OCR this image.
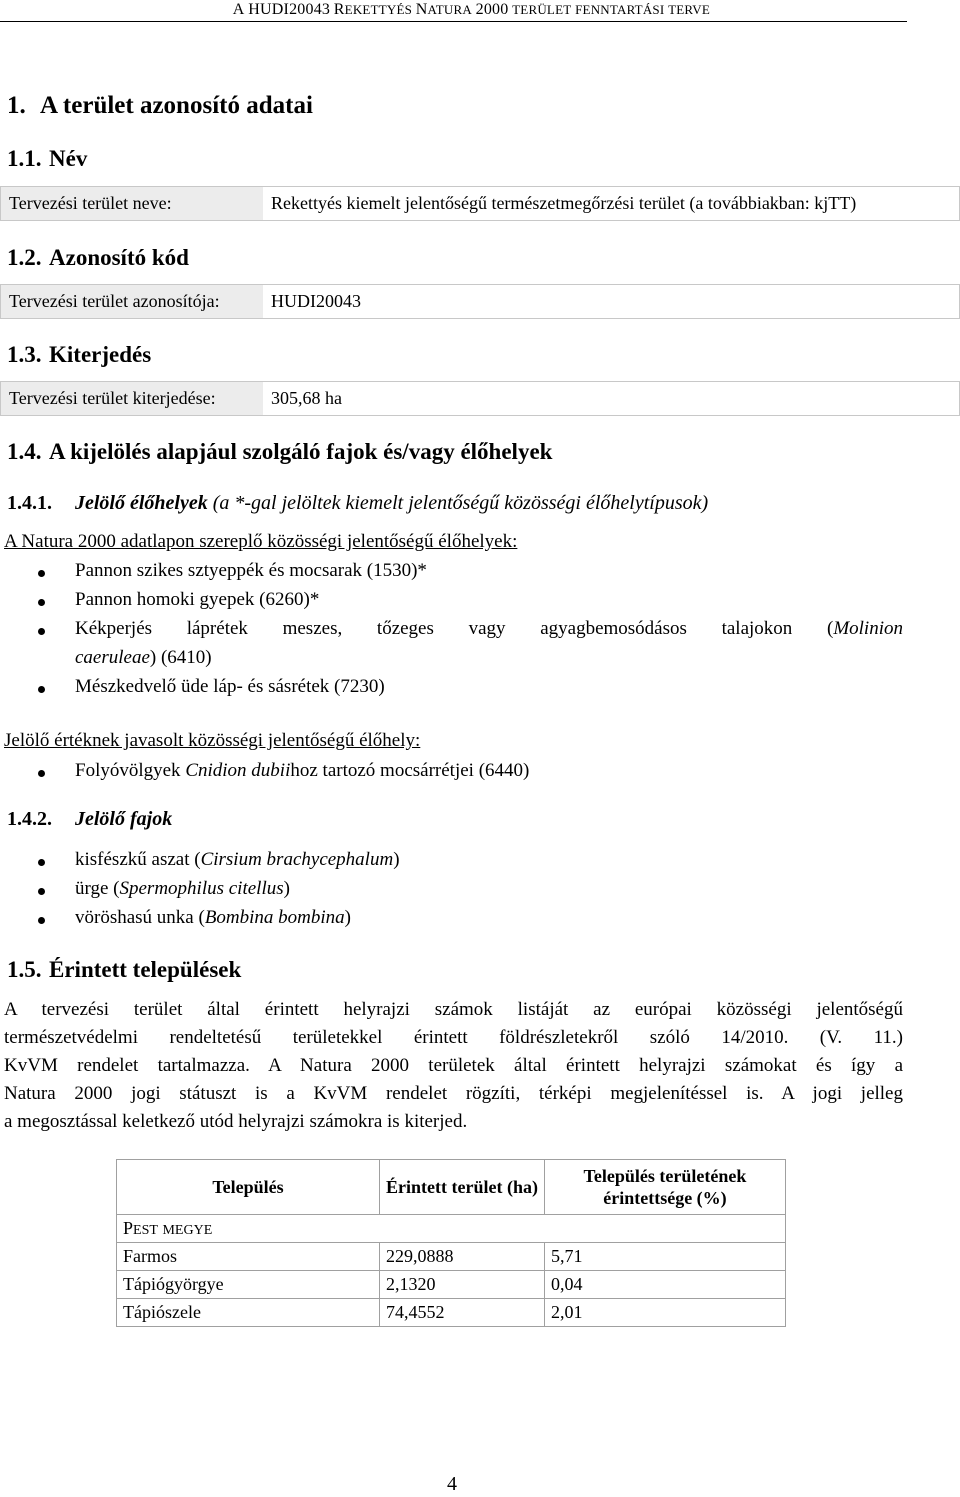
A HUDI20043 REKETTYÉS NATURA 2000 TERÜLET FENNTARTÁSI TERVE
1. A terület azonosító adatai
1.1. Név
Tervezési terület neve:	Rekettyés kiemelt jelentőségű természetmegőrzési terület (a továbbiakban: kjTT)
1.2. Azonosító kód
Tervezési terület azonosítója:	HUDI20043
1.3. Kiterjedés
Tervezési terület kiterjedése:	305,68 ha
1.4. A kijelölés alapjául szolgáló fajok és/vagy élőhelyek
1.4.1. Jelölő élőhelyek (a *-gal jelöltek kiemelt jelentőségű közösségi élőhelytípusok)
A Natura 2000 adatlapon szereplő közösségi jelentőségű élőhelyek:
Pannon szikes sztyeppék és mocsarak (1530)*
Pannon homoki gyepek (6260)*
Kékperjés láprétek meszes, tőzeges vagy agyagbemosódásos talajokon (Molinion
caeruleae) (6410)
Mészkedvelő üde láp- és sásrétek (7230)
Jelölő értéknek javasolt közösségi jelentőségű élőhely:
Folyóvölgyek Cnidion dubiihoz tartozó mocsárrétjei (6440)
1.4.2. Jelölő fajok
kisfészkű aszat (Cirsium brachycephalum)
ürge (Spermophilus citellus)
vöröshasú unka (Bombina bombina)
1.5. Érintett települések
A tervezési terület által érintett helyrajzi számok listáját az európai közösségi jelentőségű
természetvédelmi rendeltetésű területekkel érintett földrészletekről szóló 14/2010. (V. 11.)
KvVM rendelet tartalmazza. A Natura 2000 területek által érintett helyrajzi számokat és így a
Natura 2000 jogi státuszt is a KvVM rendelet rögzíti, térképi megjelenítéssel is. A jogi jelleg
a megosztással keletkező utód helyrajzi számokra is kiterjed.
Település	Érintett terület (ha)	Település területének érintettsége (%)
PEST MEGYE		
Farmos	229,0888	5,71
Tápiógyörgye	2,1320	0,04
Tápiószele	74,4552	2,01
4
